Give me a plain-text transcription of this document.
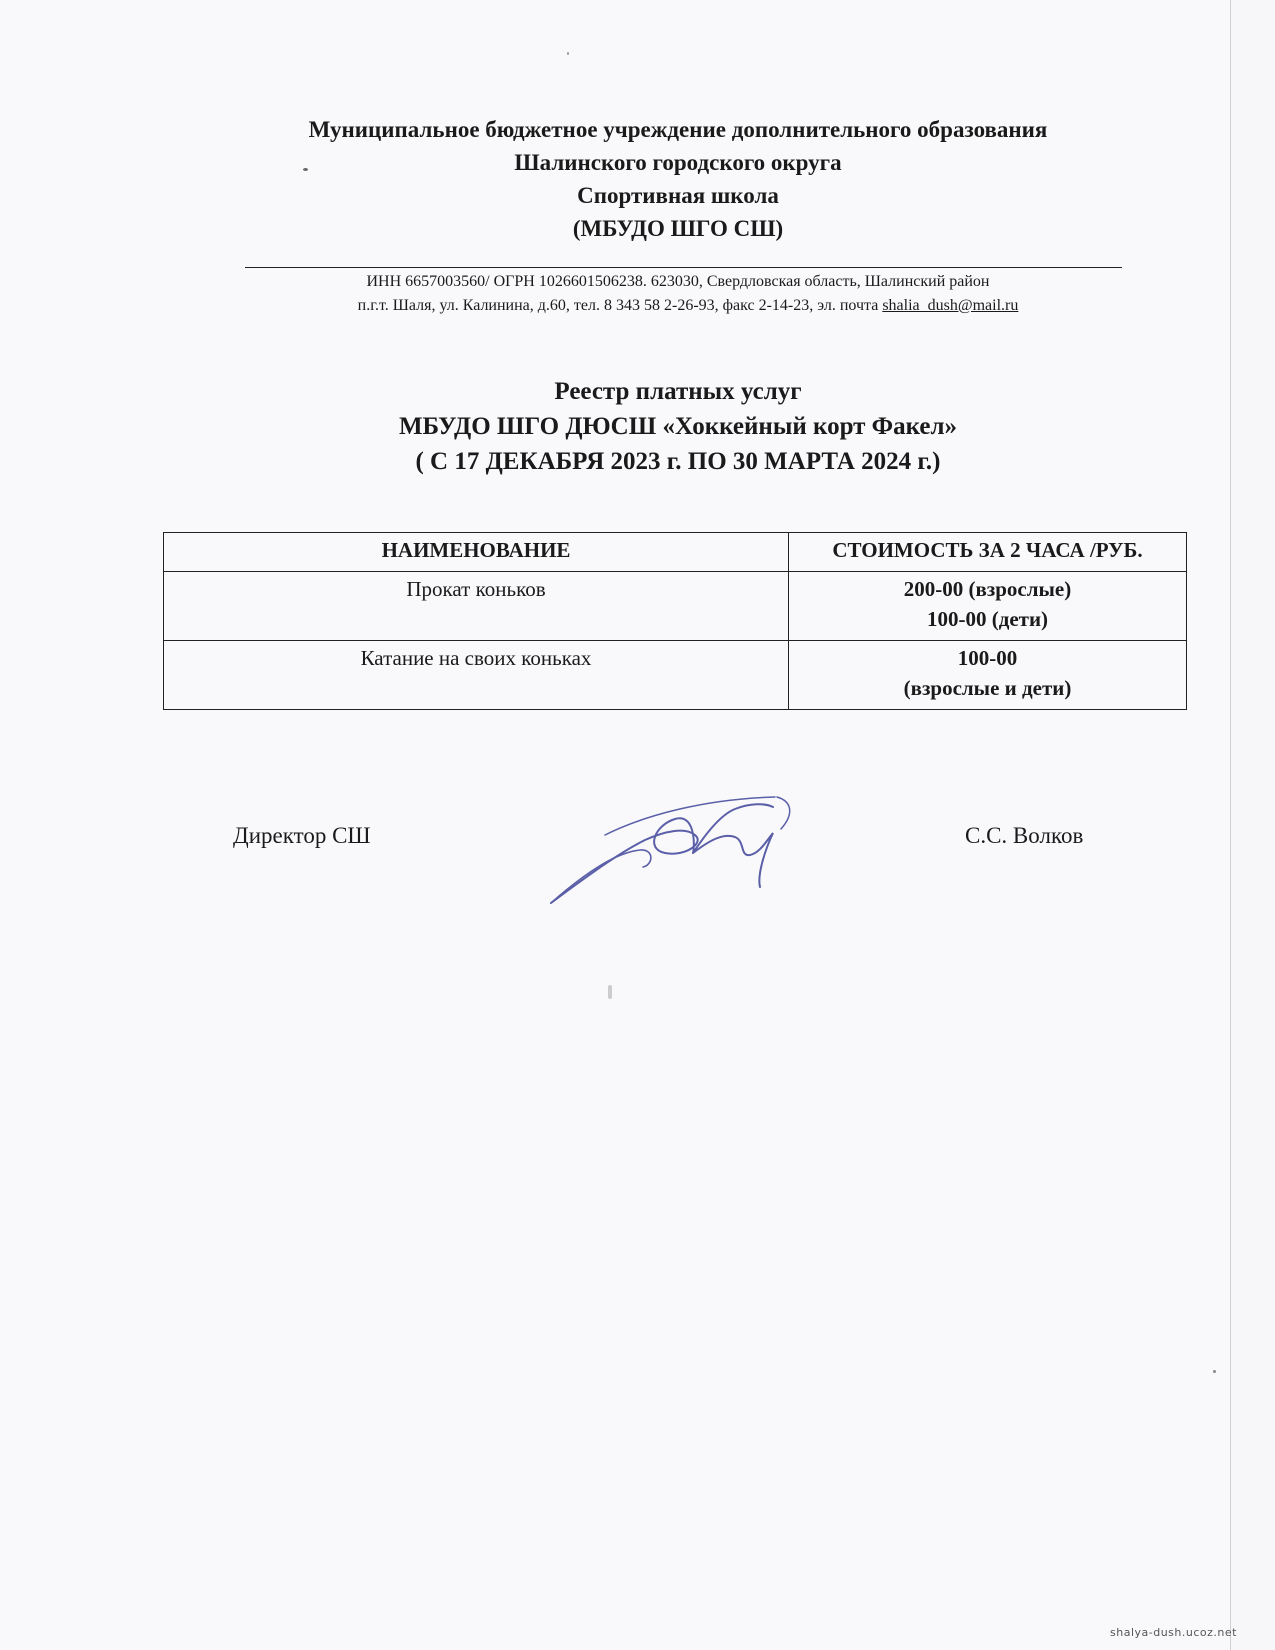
Муниципальное бюджетное учреждение дополнительного образования
Шалинского городского округа
Спортивная школа
(МБУДО ШГО СШ)
ИНН 6657003560/ ОГРН 1026601506238. 623030, Свердловская область, Шалинский район
п.г.т. Шаля, ул. Калинина, д.60, тел. 8 343 58 2-26-93, факс 2-14-23, эл. почта shalia_dush@mail.ru
Реестр платных услуг
МБУДО ШГО ДЮСШ «Хоккейный корт Факел»
( С 17 ДЕКАБРЯ 2023 г. ПО 30 МАРТА 2024 г.)
НАИМЕНОВАНИЕ	СТОИМОСТЬ ЗА 2 ЧАСА /РУБ.
Прокат коньков	200-00 (взрослые)
100-00 (дети)

Катание на своих коньках	100-00
(взрослые и дети)
Директор СШ	С.С. Волков
shalya-dush.ucoz.net
